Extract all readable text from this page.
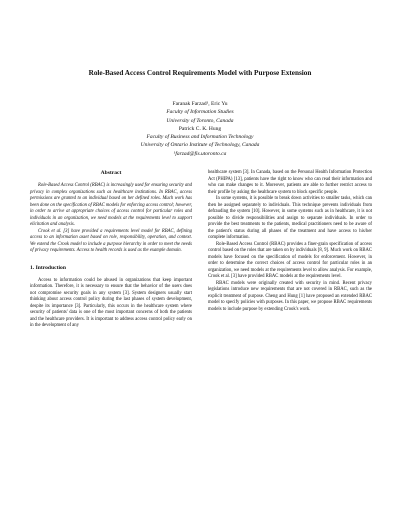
Role-Based Access Control Requirements Model with Purpose Extension
Faranak Farzad¹, Eric Yu
Faculty of Information Studies
University of Toronto, Canada
Patrick C. K. Hung
Faculty of Business and Information Technology
University of Ontario Institute of Technology, Canada
¹farzad@fis.utoronto.ca
Abstract

Role-Based Access Control (RBAC) is increasingly used for ensuring security and privacy in complex organizations such as healthcare institutions. In RBAC, access permissions are granted to an individual based on her defined roles. Much work has been done on the specification of RBAC models for enforcing access control; however, in order to arrive at appropriate choices of access control for particular roles and individuals in an organization, we need models at the requirements level to support elicitation and analysis.

Crook et al. [3] have provided a requirements level model for RBAC, defining access to an information asset based on role, responsibility, operation, and context. We extend the Crook model to include a purpose hierarchy in order to meet the needs of privacy requirements. Access to health records is used as the example domain.

1. Introduction

Access to information could be abused in organizations that keep important information. Therefore, it is necessary to ensure that the behavior of the users does not compromise security goals in any system [3]. System designers usually start thinking about access control policy during the last phases of system development, despite its importance [3]. Particularly, this occurs in the healthcare system where security of patients' data is one of the most important concerns of both the patients and the healthcare providers. It is important to address access control policy early on in the development of any

healthcare system [3]. In Canada, based on the Personal Health Information Protection Act (PHIPA) [13], patients have the right to know who can read their information and who can make changes to it. Moreover, patients are able to further restrict access to their profile by asking the healthcare system to block specific people.

In some systems, it is possible to break down activities to smaller tasks, which can then be assigned separately to individuals. This technique prevents individuals from defrauding the system [10]. However, in some systems such as in healthcare, it is not possible to divide responsibilities and assign to separate individuals. In order to provide the best treatments to the patients, medical practitioners need to be aware of the patient's status during all phases of the treatment and have access to his/her complete information.

Role-Based Access Control (RBAC) provides a finer-grain specification of access control based on the roles that are taken on by individuals [8, 9]. Much work on RBAC models have focused on the specification of models for enforcement. However, in order to determine the correct choices of access control for particular roles in an organization, we need models at the requirements level to allow analysis. For example, Crook et al. [3] have provided RBAC models at the requirements level.

RBAC models were originally created with security in mind. Recent privacy legislations introduce new requirements that are not covered in RBAC, such as the explicit treatment of purpose. Cheng and Hung [1] have proposed an extended RBAC model to specify policies with purposes. In this paper, we propose RBAC requirements models to include purpose by extending Crook's work.
